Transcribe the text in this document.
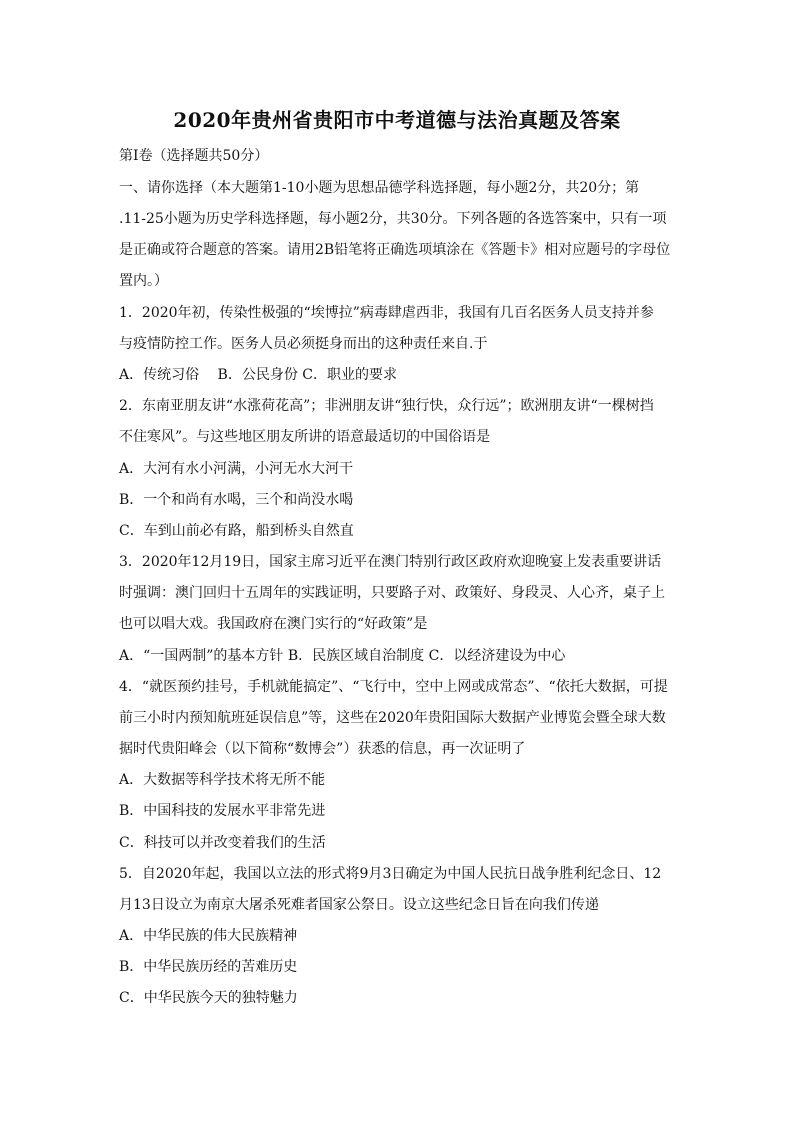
2020年贵州省贵阳市中考道德与法治真题及答案
第Ⅰ卷（选择题共50分）
一、请你选择（本大题第1-10小题为思想品德学科选择题，每小题2分，共20分；第
.11-25小题为历史学科选择题，每小题2分，共30分。下列各题的各选答案中，只有一项
是正确或符合题意的答案。请用2B铅笔将正确选项填涂在《答题卡》相对应题号的字母位
置内。）
1．2020年初，传染性极强的“埃博拉”病毒肆虐西非，我国有几百名医务人员支持并参
与疫情防控工作。医务人员必须挺身而出的这种责任来自.于
A．传统习俗　 B．公民身份 C．职业的要求
2．东南亚朋友讲“水涨荷花高”；非洲朋友讲“独行快，众行远”；欧洲朋友讲“一棵树挡
不住寒风”。与这些地区朋友所讲的语意最适切的中国俗语是
A．大河有水小河满，小河无水大河干
B．一个和尚有水喝，三个和尚没水喝
C．车到山前必有路，船到桥头自然直
3．2020年12月19日，国家主席习近平在澳门特别行政区政府欢迎晚宴上发表重要讲话
时强调：澳门回归十五周年的实践证明，只要路子对、政策好、身段灵、人心齐，桌子上
也可以唱大戏。我国政府在澳门实行的“好政策”是
A．“一国两制”的基本方针 B．民族区域自治制度 C．以经济建设为中心
4．“就医预约挂号，手机就能搞定”、“飞行中，空中上网或成常态”、“依托大数据，可提
前三小时内预知航班延误信息”等，这些在2020年贵阳国际大数据产业博览会暨全球大数
据时代贵阳峰会（以下简称“数博会”）获悉的信息，再一次证明了
A．大数据等科学技术将无所不能
B．中国科技的发展水平非常先进
C．科技可以并改变着我们的生活
5．自2020年起，我国以立法的形式将9月3日确定为中国人民抗日战争胜利纪念日、12
月13日设立为南京大屠杀死难者国家公祭日。设立这些纪念日旨在向我们传递
A．中华民族的伟大民族精神
B．中华民族历经的苦难历史
C．中华民族今天的独特魅力
